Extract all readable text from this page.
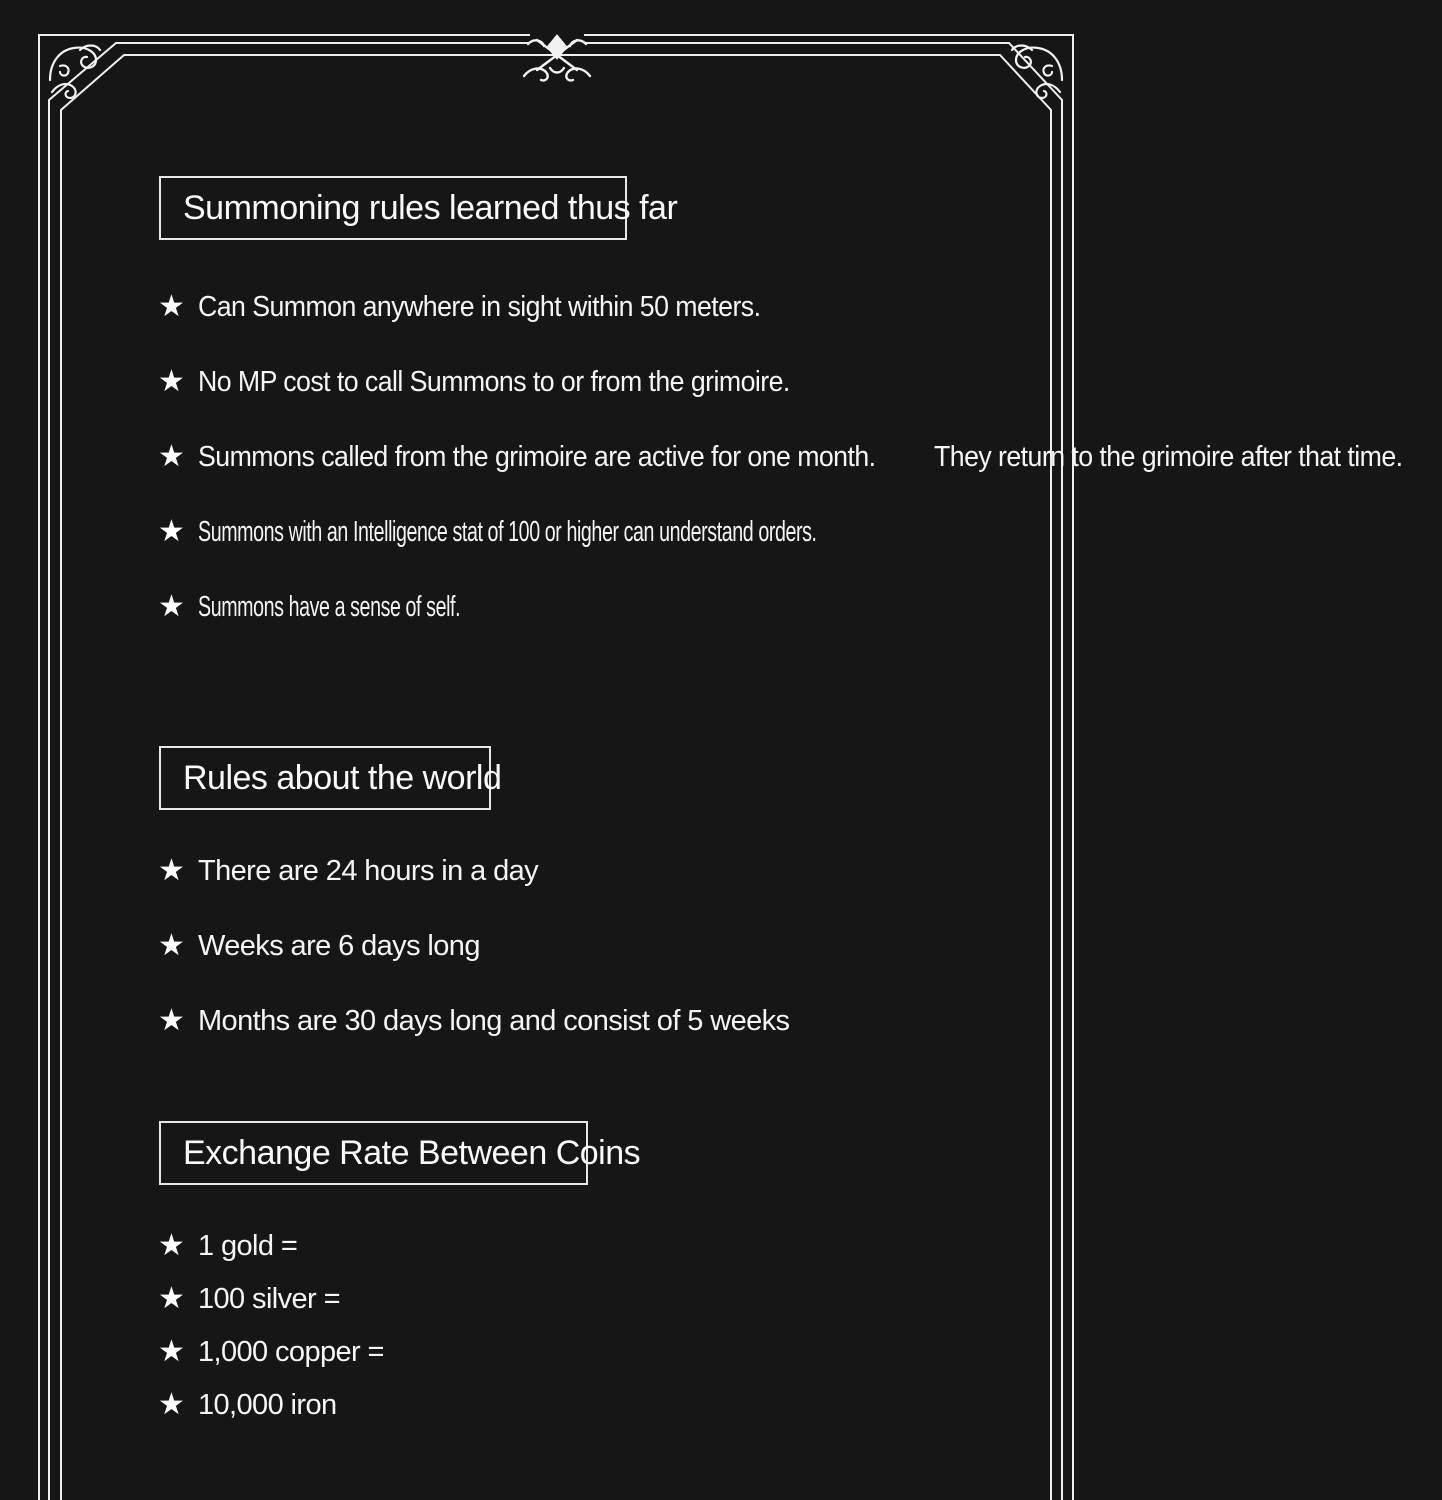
Summoning rules learned thus far
★ Can Summon anywhere in sight within 50 meters.
★ No MP cost to call Summons to or from the grimoire.
★ Summons called from the grimoire are active for one month. They return to the grimoire after that time.
★ Summons with an Intelligence stat of 100 or higher can understand orders.
★ Summons have a sense of self.
Rules about the world
★ There are 24 hours in a day
★ Weeks are 6 days long
★ Months are 30 days long and consist of 5 weeks
Exchange Rate Between Coins
★ 1 gold =
★ 100 silver =
★ 1,000 copper =
★ 10,000 iron
